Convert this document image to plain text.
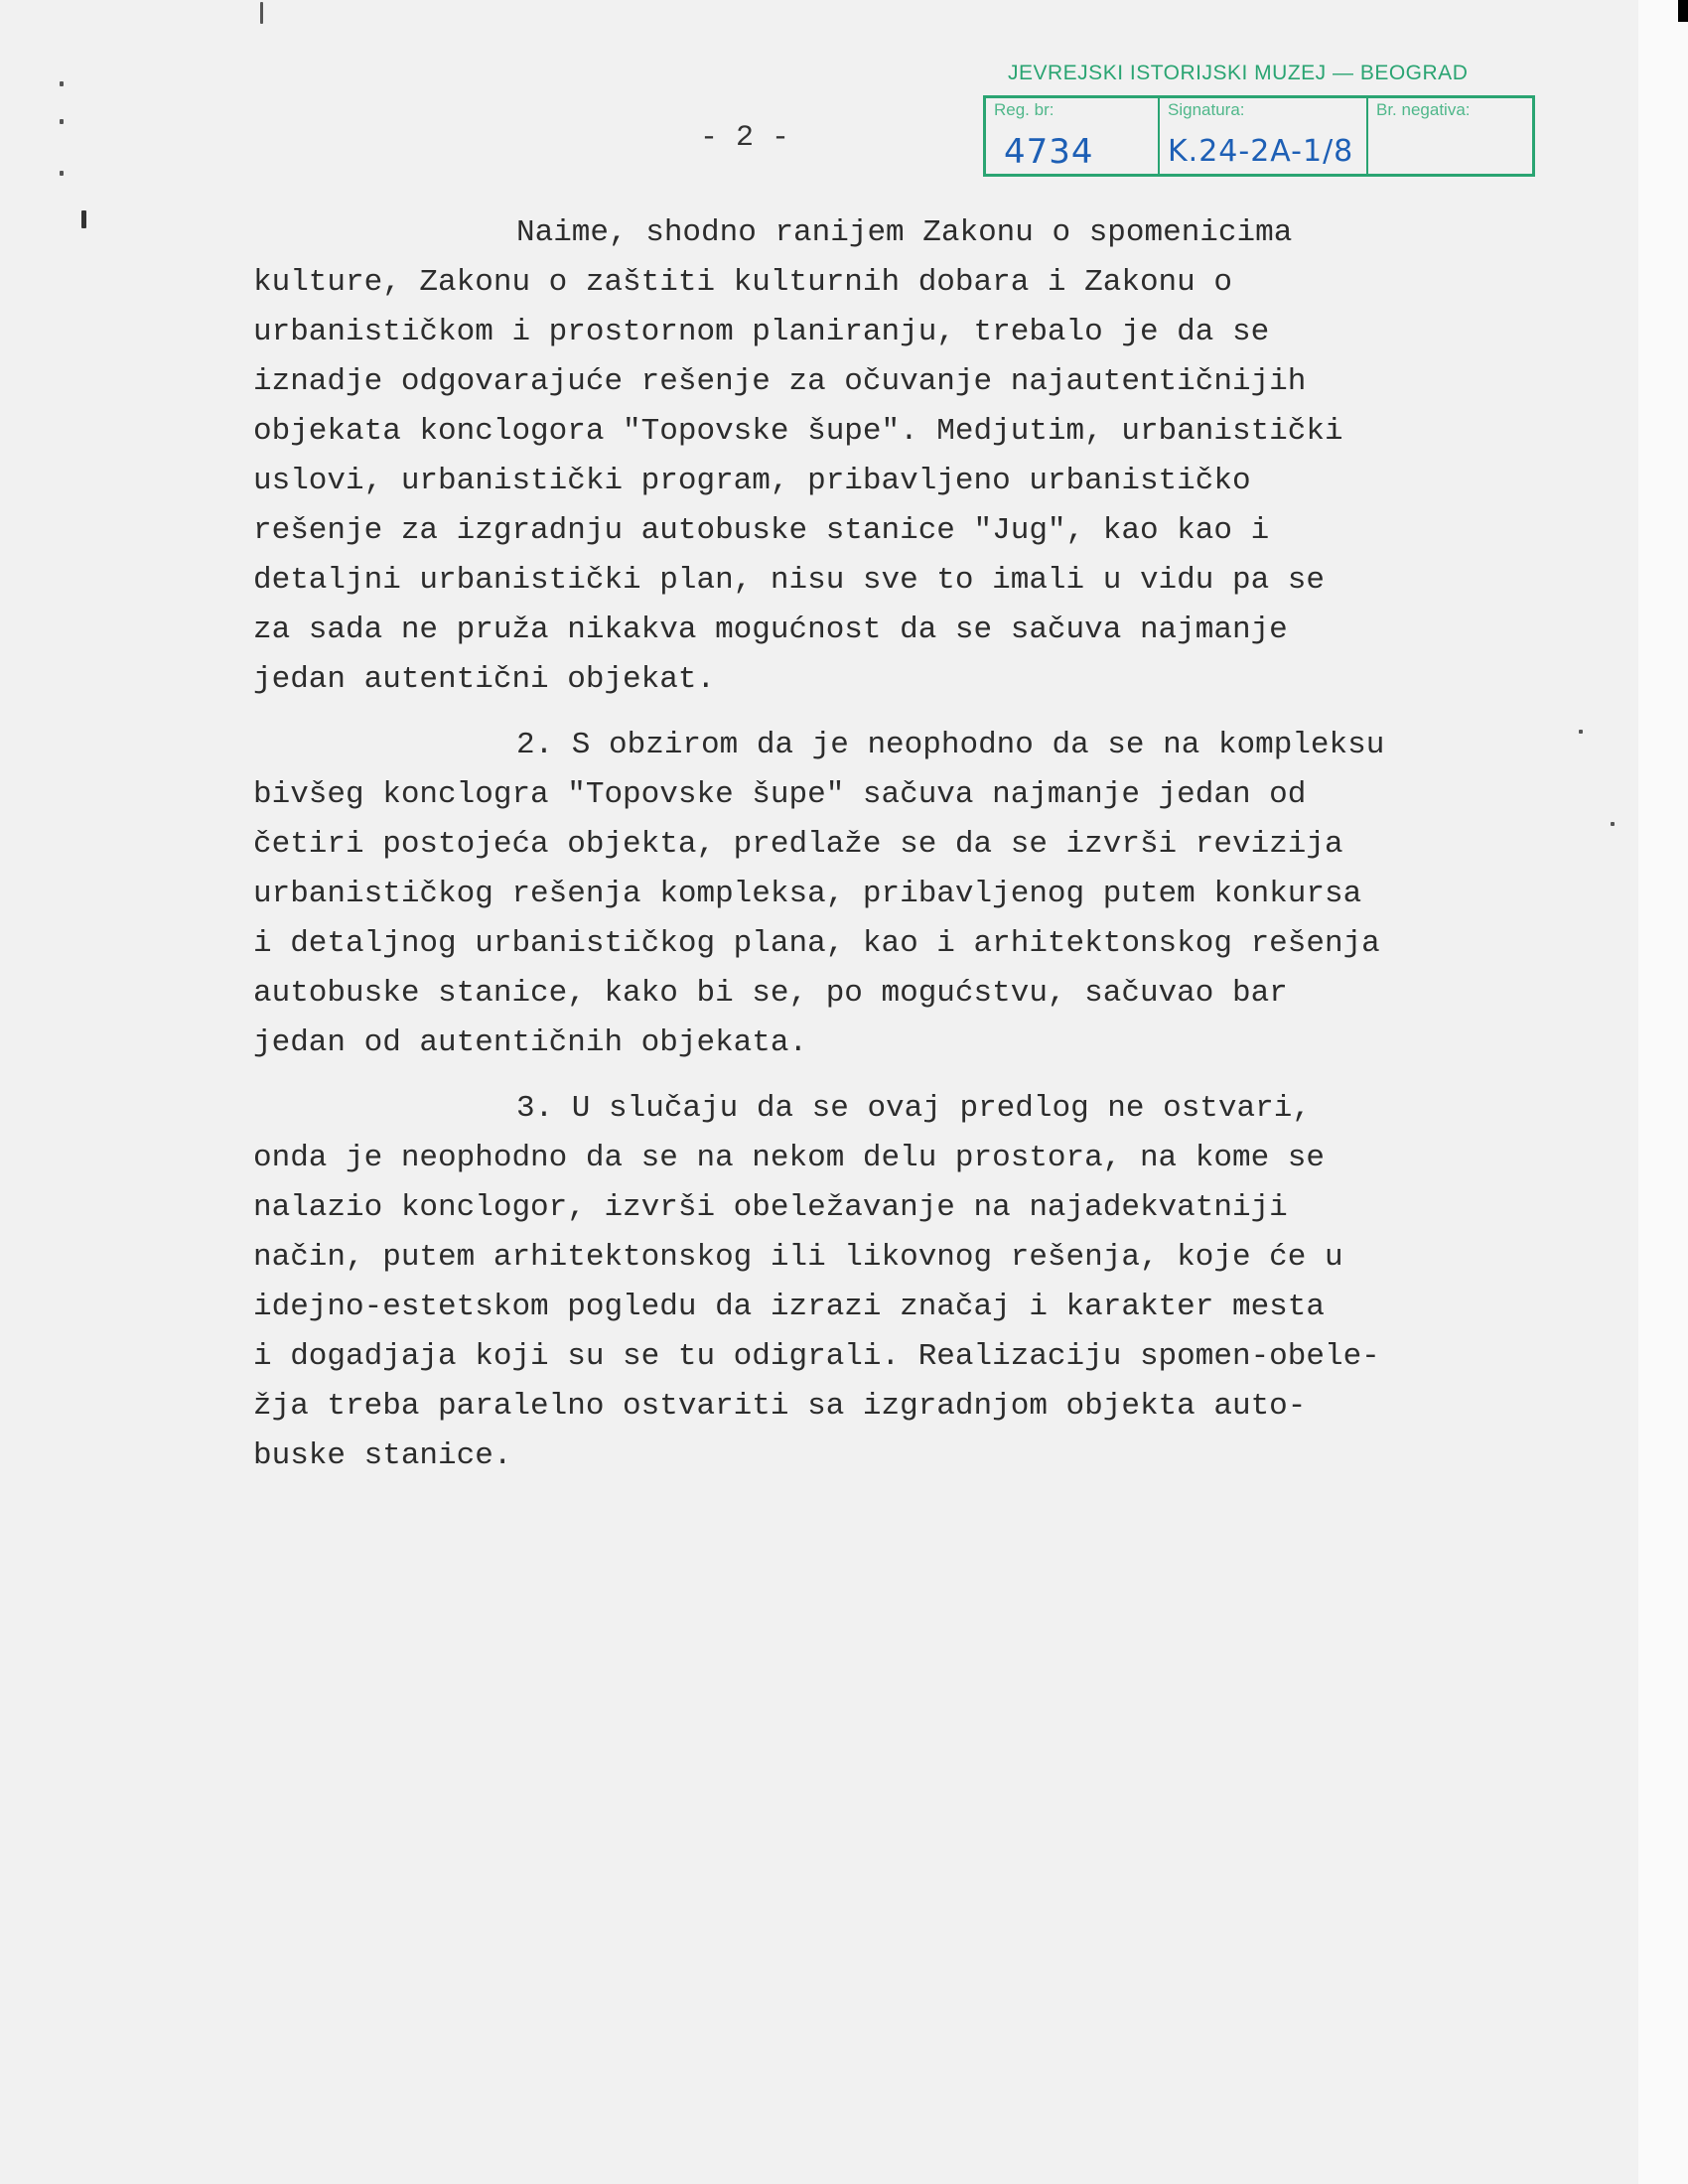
JEVREJSKI ISTORIJSKI MUZEJ — BEOGRAD
Reg. br:
4734
Signatura:
K.24-2A-1/8
Br. negativa:
- 2 -
Naime, shodno ranijem Zakonu o spomenicima
kulture, Zakonu o zaštiti kulturnih dobara i Zakonu o
urbanističkom i prostornom planiranju, trebalo je da se
iznadje odgovarajuće rešenje za očuvanje najautentičnijih
objekata konclogora "Topovske šupe". Medjutim, urbanistički
uslovi, urbanistički program, pribavljeno urbanističko
rešenje za izgradnju autobuske stanice "Jug", kao kao i
detaljni urbanistički plan, nisu sve to imali u vidu pa se
za sada ne pruža nikakva mogućnost da se sačuva najmanje
jedan autentični objekat.
2. S obzirom da je neophodno da se na kompleksu
bivšeg konclogra "Topovske šupe" sačuva najmanje jedan od
četiri postojeća objekta, predlaže se da se izvrši revizija
urbanističkog rešenja kompleksa, pribavljenog putem konkursa
i detaljnog urbanističkog plana, kao i arhitektonskog rešenja
autobuske stanice, kako bi se, po mogućstvu, sačuvao bar
jedan od autentičnih objekata.
3. U slučaju da se ovaj predlog ne ostvari,
onda je neophodno da se na nekom delu prostora, na kome se
nalazio konclogor, izvrši obeležavanje na najadekvatniji
način, putem arhitektonskog ili likovnog rešenja, koje će u
idejno-estetskom pogledu da izrazi značaj i karakter mesta
i dogadjaja koji su se tu odigrali. Realizaciju spomen-obele-
žja treba paralelno ostvariti sa izgradnjom objekta auto-
buske stanice.
